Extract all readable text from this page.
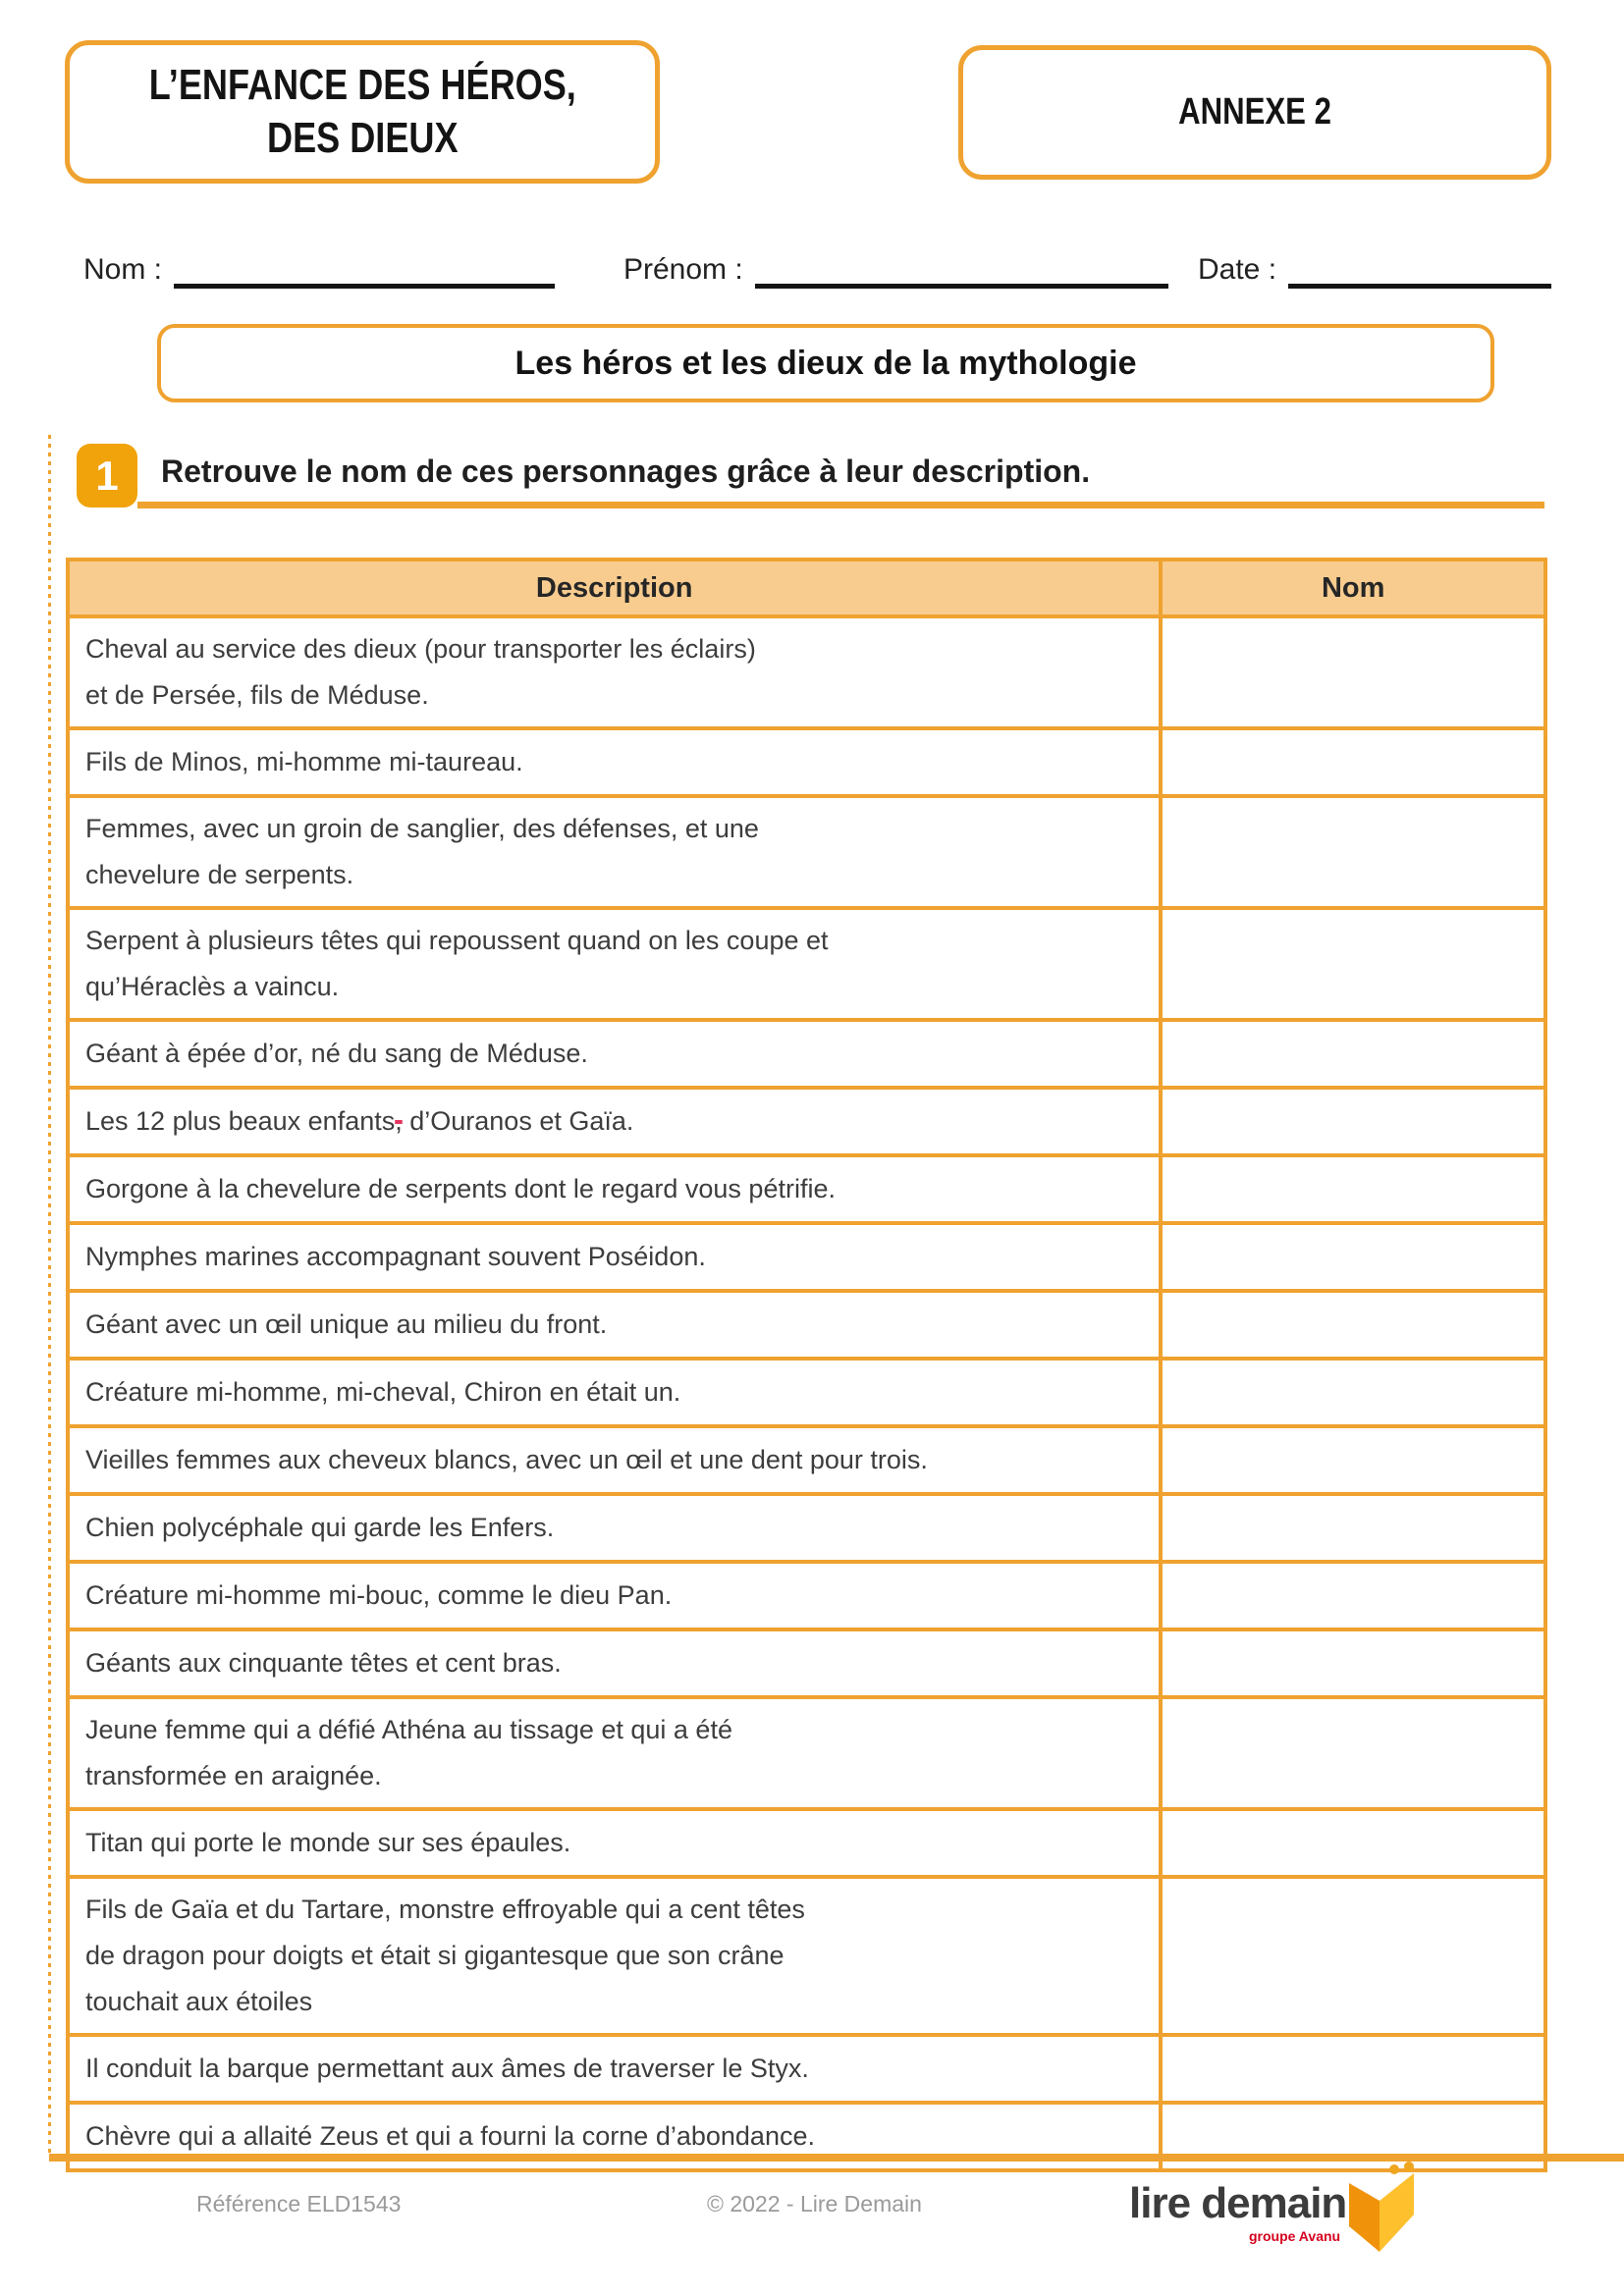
L’ENFANCE DES HÉROS,
DES DIEUX
ANNEXE 2
Nom :	Prénom :	Date :
Les héros et les dieux de la mythologie
1	Retrouve le nom de ces personnages grâce à leur description.
Description	Nom

Cheval au service des dieux (pour transporter les éclairs)
et de Persée, fils de Méduse.	

Fils de Minos, mi-homme mi-taureau.	

Femmes, avec un groin de sanglier, des défenses, et une
chevelure de serpents.	

Serpent à plusieurs têtes qui repoussent quand on les coupe et
qu’Héraclès a vaincu.	

Géant à épée d’or, né du sang de Méduse.	

Les 12 plus beaux enfants, d’Ouranos et Gaïa.	

Gorgone à la chevelure de serpents dont le regard vous pétrifie.	

Nymphes marines accompagnant souvent Poséidon.	

Géant avec un œil unique au milieu du front.	

Créature mi-homme, mi-cheval, Chiron en était un.	

Vieilles femmes aux cheveux blancs, avec un œil et une dent pour trois.	

Chien polycéphale qui garde les Enfers.	

Créature mi-homme mi-bouc, comme le dieu Pan.	

Géants aux cinquante têtes et cent bras.	

Jeune femme qui a défié Athéna au tissage et qui a été
transformée en araignée.	

Titan qui porte le monde sur ses épaules.	

Fils de Gaïa et du Tartare, monstre effroyable qui a cent têtes
de dragon pour doigts et était si gigantesque que son crâne
touchait aux étoiles	

Il conduit la barque permettant aux âmes de traverser le Styx.	

Chèvre qui a allaité Zeus et qui a fourni la corne d’abondance.	

Référence ELD1543	© 2022 - Lire Demain	lire demain
groupe Avanu
